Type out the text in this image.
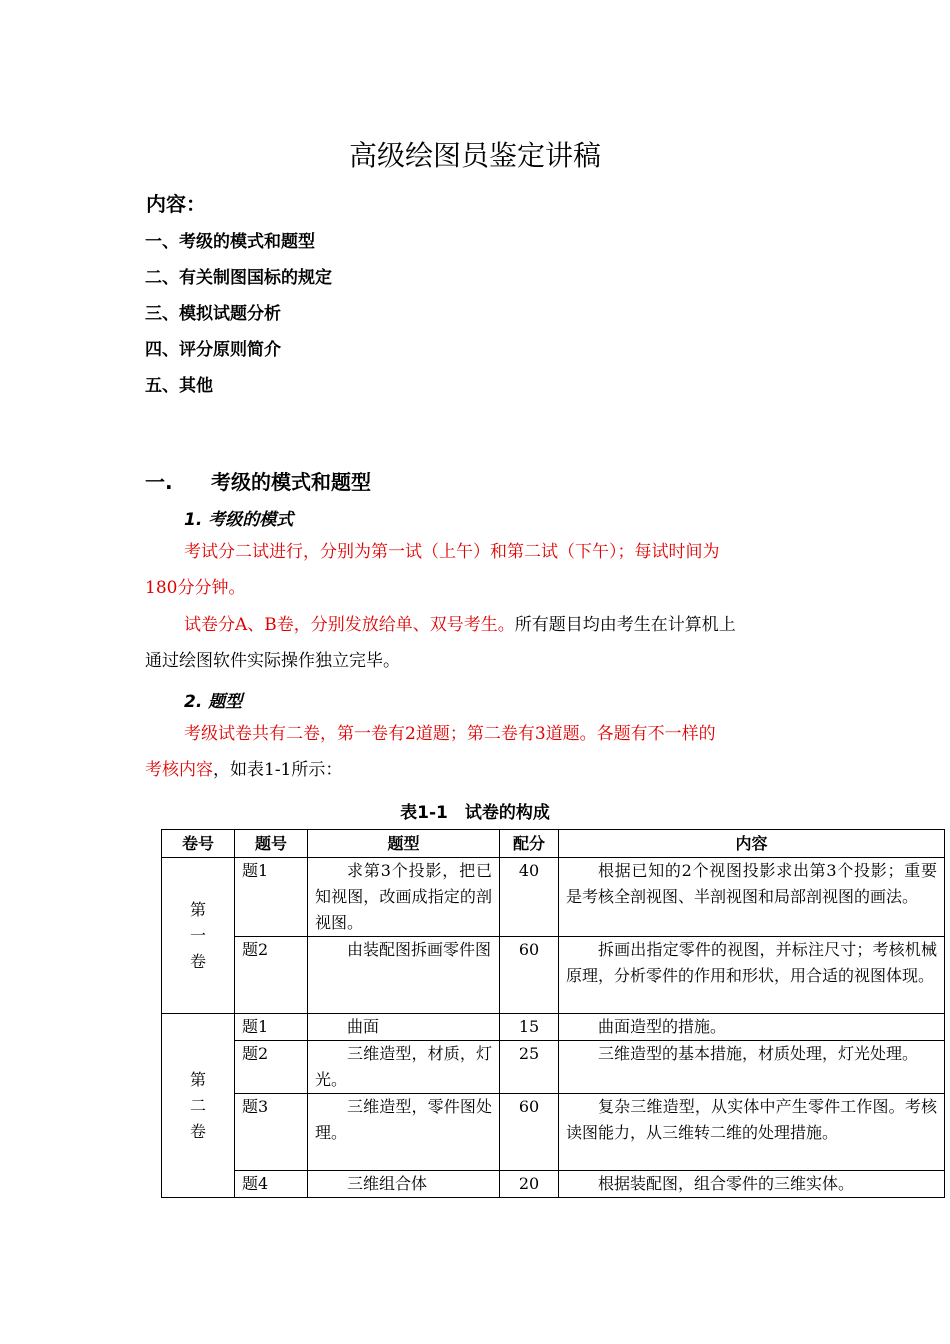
高级绘图员鉴定讲稿
内容：
一、考级的模式和题型
二、有关制图国标的规定
三、模拟试题分析
四、评分原则简介
五、其他
一. 考级的模式和题型
1. 考级的模式
考试分二试进行，分别为第一试（上午）和第二试（下午）；每试时间为
180分分钟。
试卷分A、B卷，分别发放给单、双号考生。所有题目均由考生在计算机上
通过绘图软件实际操作独立完毕。
2. 题型
考级试卷共有二卷，第一卷有2道题；第二卷有3道题。各题有不一样的
考核内容，如表1-1所示：
表1-1　试卷的构成
卷号	题号	题型	配分	内容
第一卷	题1	求第3个投影，把已知视图，改画成指定的剖视图。	40	根据已知的2个视图投影求出第3个投影；重要是考核全剖视图、半剖视图和局部剖视图的画法。
	题2	由装配图拆画零件图	60	拆画出指定零件的视图，并标注尺寸；考核机械原理，分析零件的作用和形状，用合适的视图体现。
第二卷	题1	曲面	15	曲面造型的措施。
	题2	三维造型，材质，灯光。	25	三维造型的基本措施，材质处理，灯光处理。
	题3	三维造型，零件图处理。	60	复杂三维造型，从实体中产生零件工作图。考核读图能力，从三维转二维的处理措施。
	题4	三维组合体	20	根据装配图，组合零件的三维实体。
